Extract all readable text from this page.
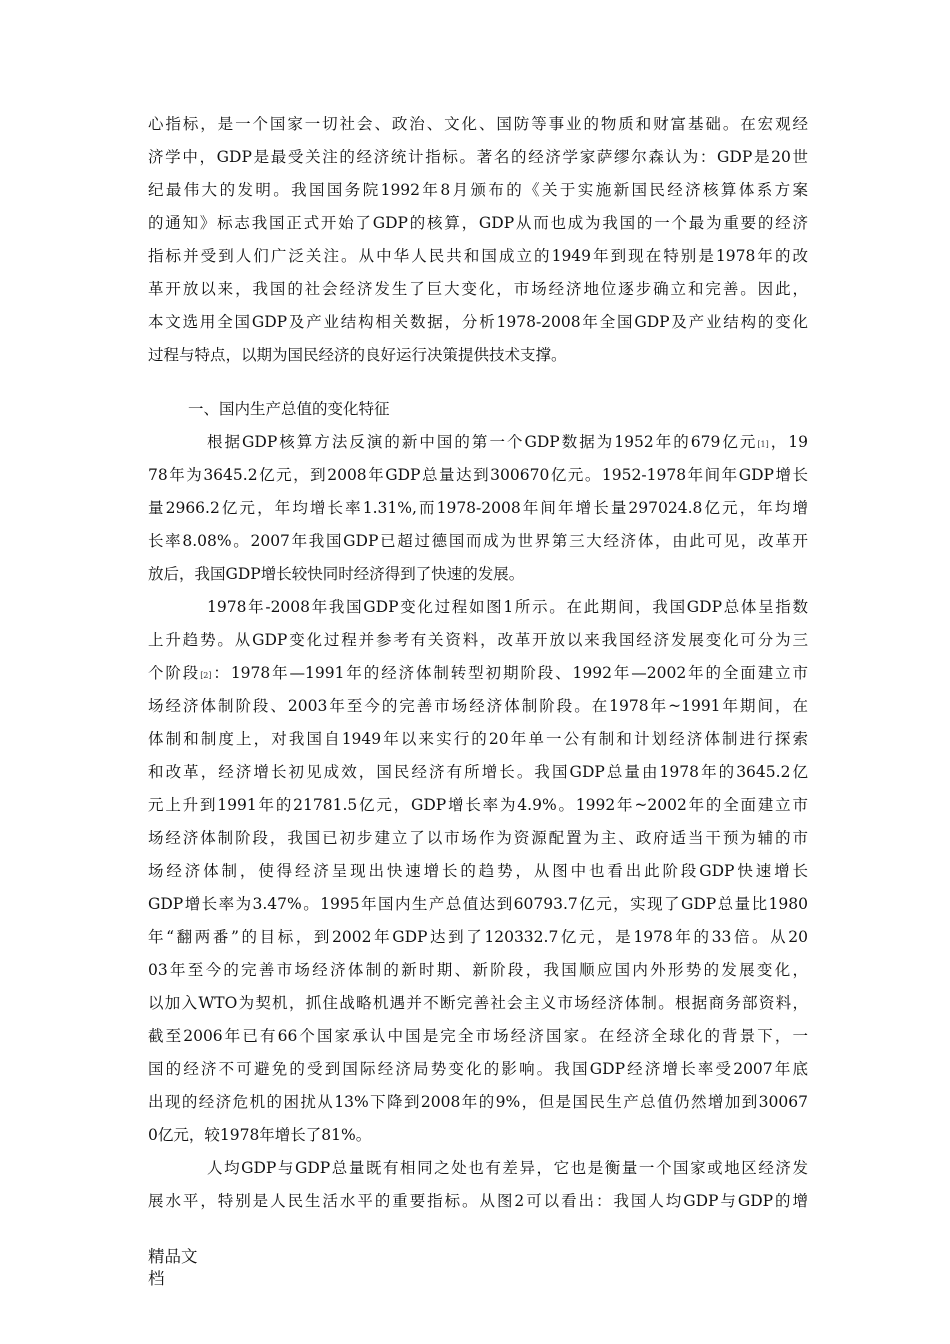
心指标，是一个国家一切社会、政治、文化、国防等事业的物质和财富基础。在宏观经
济学中，GDP是最受关注的经济统计指标。著名的经济学家萨缪尔森认为：GDP是20世
纪最伟大的发明。我国国务院1992年8月颁布的《关于实施新国民经济核算体系方案
的通知》标志我国正式开始了GDP的核算，GDP从而也成为我国的一个最为重要的经济
指标并受到人们广泛关注。从中华人民共和国成立的1949年到现在特别是1978年的改
革开放以来，我国的社会经济发生了巨大变化，市场经济地位逐步确立和完善。因此，
本文选用全国GDP及产业结构相关数据，分析1978-2008年全国GDP及产业结构的变化
过程与特点，以期为国民经济的良好运行决策提供技术支撑。
一、国内生产总值的变化特征
根据GDP核算方法反演的新中国的第一个GDP数据为1952年的679亿元[1]，19
78年为3645.2亿元，到2008年GDP总量达到300670亿元。1952-1978年间年GDP增长
量2966.2亿元，年均增长率1.31%,而1978-2008年间年增长量297024.8亿元，年均增
长率8.08%。2007年我国GDP已超过德国而成为世界第三大经济体，由此可见，改革开
放后，我国GDP增长较快同时经济得到了快速的发展。
1978年-2008年我国GDP变化过程如图1所示。在此期间，我国GDP总体呈指数
上升趋势。从GDP变化过程并参考有关资料，改革开放以来我国经济发展变化可分为三
个阶段[2]：1978年—1991年的经济体制转型初期阶段、1992年—2002年的全面建立市
场经济体制阶段、2003年至今的完善市场经济体制阶段。在1978年~1991年期间，在
体制和制度上，对我国自1949年以来实行的20年单一公有制和计划经济体制进行探索
和改革，经济增长初见成效，国民经济有所增长。我国GDP总量由1978年的3645.2亿
元上升到1991年的21781.5亿元，GDP增长率为4.9%。1992年~2002年的全面建立市
场经济体制阶段，我国已初步建立了以市场作为资源配置为主、政府适当干预为辅的市
场经济体制，使得经济呈现出快速增长的趋势，从图中也看出此阶段GDP快速增长
GDP增长率为3.47%。1995年国内生产总值达到60793.7亿元，实现了GDP总量比1980
年“翻两番”的目标，到2002年GDP达到了120332.7亿元，是1978年的33倍。从20
03年至今的完善市场经济体制的新时期、新阶段，我国顺应国内外形势的发展变化，
以加入WTO为契机，抓住战略机遇并不断完善社会主义市场经济体制。根据商务部资料，
截至2006年已有66个国家承认中国是完全市场经济国家。在经济全球化的背景下，一
国的经济不可避免的受到国际经济局势变化的影响。我国GDP经济增长率受2007年底
出现的经济危机的困扰从13%下降到2008年的9%，但是国民生产总值仍然增加到30067
0亿元，较1978年增长了81%。
人均GDP与GDP总量既有相同之处也有差异，它也是衡量一个国家或地区经济发
展水平，特别是人民生活水平的重要指标。从图2可以看出：我国人均GDP与GDP的增
精品文档
